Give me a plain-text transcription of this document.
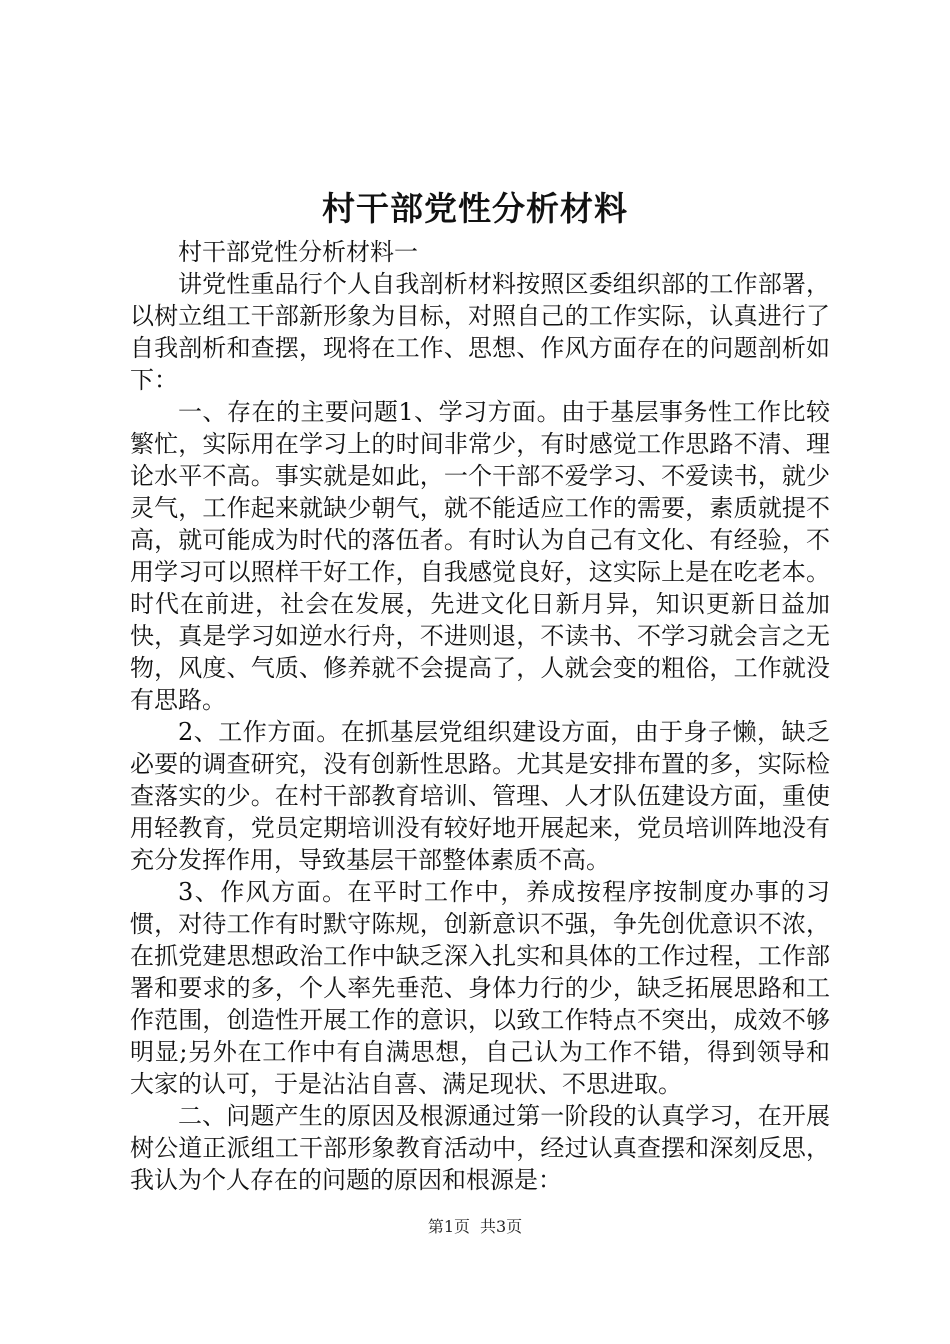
村干部党性分析材料

村干部党性分析材料一

讲党性重品行个人自我剖析材料按照区委组织部的工作部署，以树立组工干部新形象为目标，对照自己的工作实际，认真进行了自我剖析和查摆，现将在工作、思想、作风方面存在的问题剖析如下：

一、存在的主要问题1、学习方面。由于基层事务性工作比较繁忙，实际用在学习上的时间非常少，有时感觉工作思路不清、理论水平不高。事实就是如此，一个干部不爱学习、不爱读书，就少灵气，工作起来就缺少朝气，就不能适应工作的需要，素质就提不高，就可能成为时代的落伍者。有时认为自己有文化、有经验，不用学习可以照样干好工作，自我感觉良好，这实际上是在吃老本。时代在前进，社会在发展，先进文化日新月异，知识更新日益加快，真是学习如逆水行舟，不进则退，不读书、不学习就会言之无物，风度、气质、修养就不会提高了，人就会变的粗俗，工作就没有思路。

2、工作方面。在抓基层党组织建设方面，由于身子懒，缺乏必要的调查研究，没有创新性思路。尤其是安排布置的多，实际检查落实的少。在村干部教育培训、管理、人才队伍建设方面，重使用轻教育，党员定期培训没有较好地开展起来，党员培训阵地没有充分发挥作用，导致基层干部整体素质不高。

3、作风方面。在平时工作中，养成按程序按制度办事的习惯，对待工作有时默守陈规，创新意识不强，争先创优意识不浓，在抓党建思想政治工作中缺乏深入扎实和具体的工作过程，工作部署和要求的多，个人率先垂范、身体力行的少，缺乏拓展思路和工作范围，创造性开展工作的意识，以致工作特点不突出，成效不够明显;另外在工作中有自满思想，自己认为工作不错，得到领导和大家的认可，于是沾沾自喜、满足现状、不思进取。

二、问题产生的原因及根源通过第一阶段的认真学习，在开展树公道正派组工干部形象教育活动中，经过认真查摆和深刻反思，我认为个人存在的问题的原因和根源是：

第1页 共3页
